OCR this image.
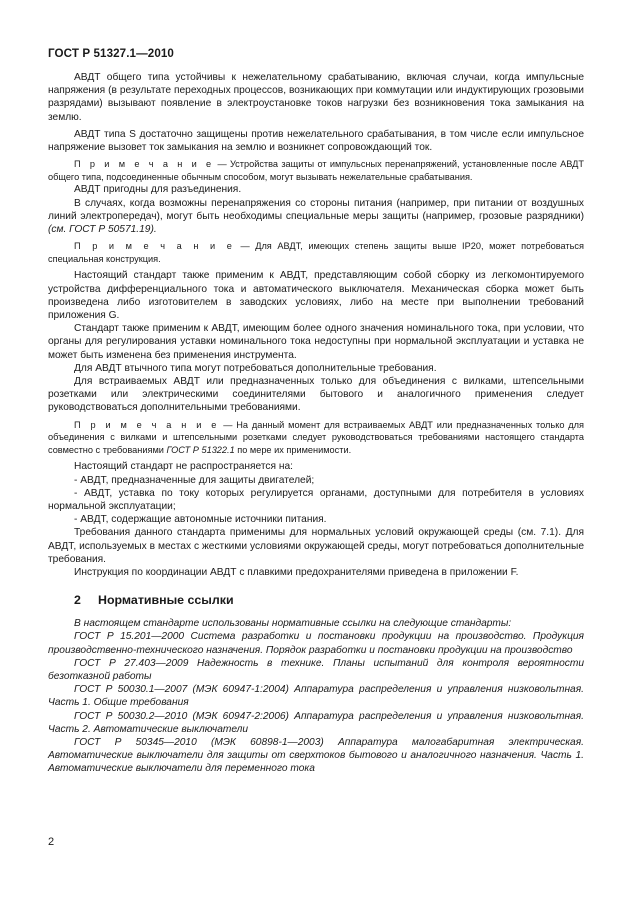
ГОСТ Р 51327.1—2010

АВДТ общего типа устойчивы к нежелательному срабатыванию, включая случаи, когда импульсные напряжения (в результате переходных процессов, возникающих при коммутации или индуктирующих грозовыми разрядами) вызывают появление в электроустановке токов нагрузки без возникновения тока замыкания на землю.

АВДТ типа S достаточно защищены против нежелательного срабатывания, в том числе если импульсное напряжение вызовет ток замыкания на землю и возникнет сопровождающий ток.

П р и м е ч а н и е — Устройства защиты от импульсных перенапряжений, установленные после АВДТ общего типа, подсоединенные обычным способом, могут вызывать нежелательные срабатывания.

АВДТ пригодны для разъединения.

В случаях, когда возможны перенапряжения со стороны питания (например, при питании от воздушных линий электропередач), могут быть необходимы специальные меры защиты (например, грозовые разрядники) (см. ГОСТ Р 50571.19).

П р и м е ч а н и е — Для АВДТ, имеющих степень защиты выше IP20, может потребоваться специальная конструкция.

Настоящий стандарт также применим к АВДТ, представляющим собой сборку из легкомонтируемого устройства дифференциального тока и автоматического выключателя. Механическая сборка может быть произведена либо изготовителем в заводских условиях, либо на месте при выполнении требований приложения G.

Стандарт также применим к АВДТ, имеющим более одного значения номинального тока, при условии, что органы для регулирования уставки номинального тока недоступны при нормальной эксплуатации и уставка не может быть изменена без применения инструмента.

Для АВДТ втычного типа могут потребоваться дополнительные требования.

Для встраиваемых АВДТ или предназначенных только для объединения с вилками, штепсельными розетками или электрическими соединителями бытового и аналогичного применения следует руководствоваться дополнительными требованиями.

П р и м е ч а н и е — На данный момент для встраиваемых АВДТ или предназначенных только для объединения с вилками и штепсельными розетками следует руководствоваться требованиями настоящего стандарта совместно с требованиями ГОСТ Р 51322.1 по мере их применимости.

Настоящий стандарт не распространяется на:

- АВДТ, предназначенные для защиты двигателей;

- АВДТ, уставка по току которых регулируется органами, доступными для потребителя в условиях нормальной эксплуатации;

- АВДТ, содержащие автономные источники питания.

Требования данного стандарта применимы для нормальных условий окружающей среды (см. 7.1). Для АВДТ, используемых в местах с жесткими условиями окружающей среды, могут потребоваться дополнительные требования.

Инструкция по координации АВДТ с плавкими предохранителями приведена в приложении F.

2 Нормативные ссылки

В настоящем стандарте использованы нормативные ссылки на следующие стандарты:

ГОСТ Р 15.201—2000 Система разработки и постановки продукции на производство. Продукция производственно-технического назначения. Порядок разработки и постановки продукции на производство

ГОСТ Р 27.403—2009 Надежность в технике. Планы испытаний для контроля вероятности безотказной работы

ГОСТ Р 50030.1—2007 (МЭК 60947-1:2004) Аппаратура распределения и управления низковольтная. Часть 1. Общие требования

ГОСТ Р 50030.2—2010 (МЭК 60947-2:2006) Аппаратура распределения и управления низковольтная. Часть 2. Автоматические выключатели

ГОСТ Р 50345—2010 (МЭК 60898-1—2003) Аппаратура малогабаритная электрическая. Автоматические выключатели для защиты от сверхтоков бытового и аналогичного назначения. Часть 1. Автоматические выключатели для переменного тока

2
